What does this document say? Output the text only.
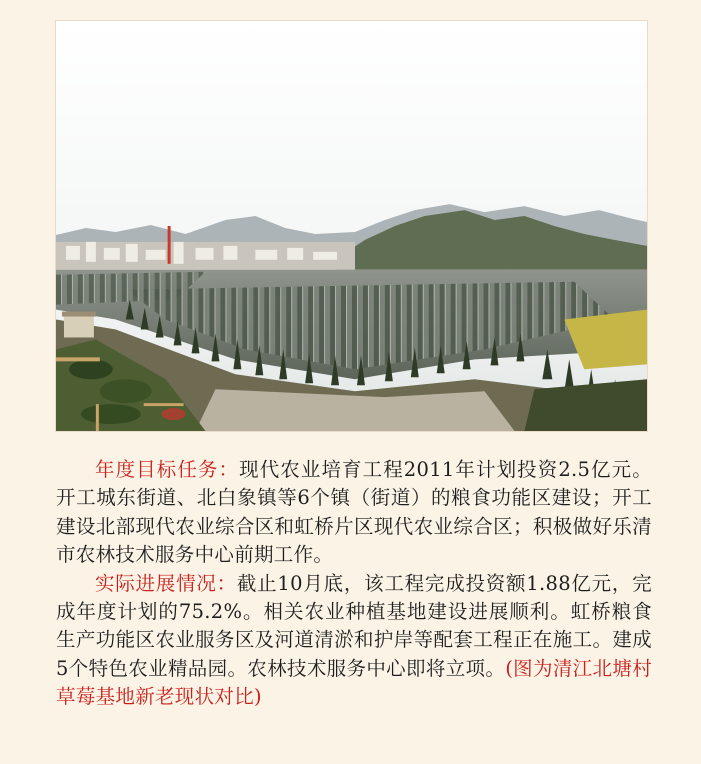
年度目标任务：现代农业培育工程2011年计划投资2.5亿元。开工城东街道、北白象镇等6个镇（街道）的粮食功能区建设；开工建设北部现代农业综合区和虹桥片区现代农业综合区；积极做好乐清市农林技术服务中心前期工作。

实际进展情况：截止10月底，该工程完成投资额1.88亿元，完成年度计划的75.2%。相关农业种植基地建设进展顺利。虹桥粮食生产功能区农业服务区及河道清淤和护岸等配套工程正在施工。建成5个特色农业精品园。农林技术服务中心即将立项。(图为清江北塘村草莓基地新老现状对比)
